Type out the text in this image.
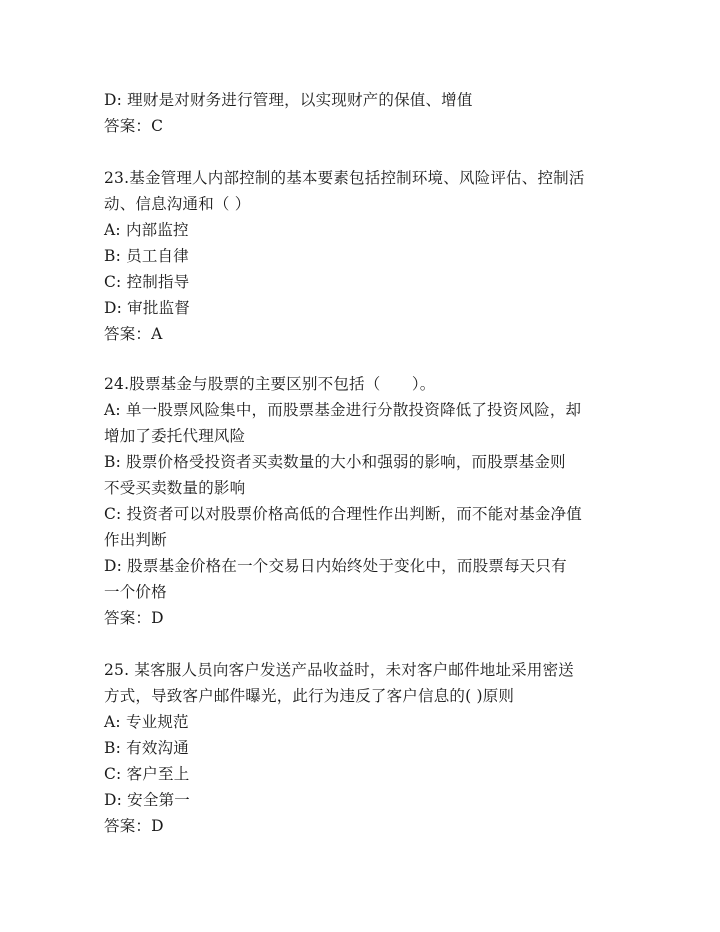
D: 理财是对财务进行管理，以实现财产的保值、增值
答案：C
23.基金管理人内部控制的基本要素包括控制环境、风险评估、控制活
动、信息沟通和（ ）
A: 内部监控
B: 员工自律
C: 控制指导
D: 审批监督
答案：A
24.股票基金与股票的主要区别不包括（　　）。
A: 单一股票风险集中，而股票基金进行分散投资降低了投资风险，却
增加了委托代理风险
B: 股票价格受投资者买卖数量的大小和强弱的影响，而股票基金则
不受买卖数量的影响
C: 投资者可以对股票价格高低的合理性作出判断，而不能对基金净值
作出判断
D: 股票基金价格在一个交易日内始终处于变化中，而股票每天只有
一个价格
答案：D
25. 某客服人员向客户发送产品收益时，未对客户邮件地址采用密送
方式，导致客户邮件曝光，此行为违反了客户信息的( )原则
A: 专业规范
B: 有效沟通
C: 客户至上
D: 安全第一
答案：D
